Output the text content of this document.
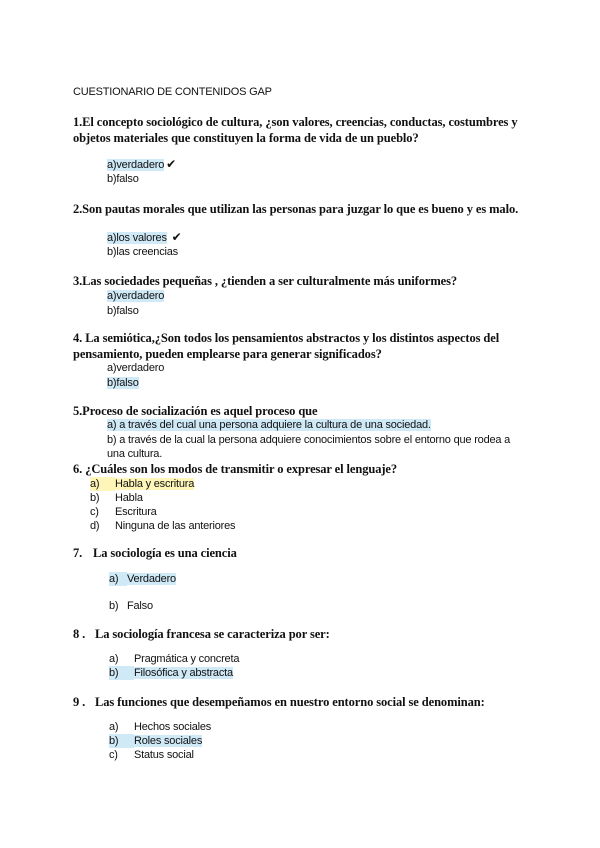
CUESTIONARIO DE CONTENIDOS GAP
1.El concepto sociológico de cultura, ¿son valores, creencias, conductas, costumbres y objetos materiales que constituyen la forma de vida de un pueblo?
a)verdadero ✔
b)falso
2.Son pautas morales que utilizan las personas para juzgar lo que es bueno y es malo.
a)los valores ✔
b)las creencias
3.Las sociedades pequeñas , ¿tienden a ser culturalmente más uniformes?
a)verdadero
b)falso
4. La semiótica,¿Son todos los pensamientos abstractos y los distintos aspectos del pensamiento, pueden emplearse para generar significados?
a)verdadero
b)falso
5.Proceso de socialización es aquel proceso que
a) a través del cual una persona adquiere la cultura de una sociedad.
b) a través de la cual la persona adquiere conocimientos sobre el entorno que rodea a una cultura.
6. ¿Cuáles son los modos de transmitir o expresar el lenguaje?
a) Habla y escritura
b) Habla
c) Escritura
d) Ninguna de las anteriores
7. La sociología es una ciencia
a) Verdadero
b) Falso
8 . La sociología francesa se caracteriza por ser:
a) Pragmática y concreta
b) Filosófica y abstracta
9 . Las funciones que desempeñamos en nuestro entorno social se denominan:
a) Hechos sociales
b) Roles sociales
c) Status social
